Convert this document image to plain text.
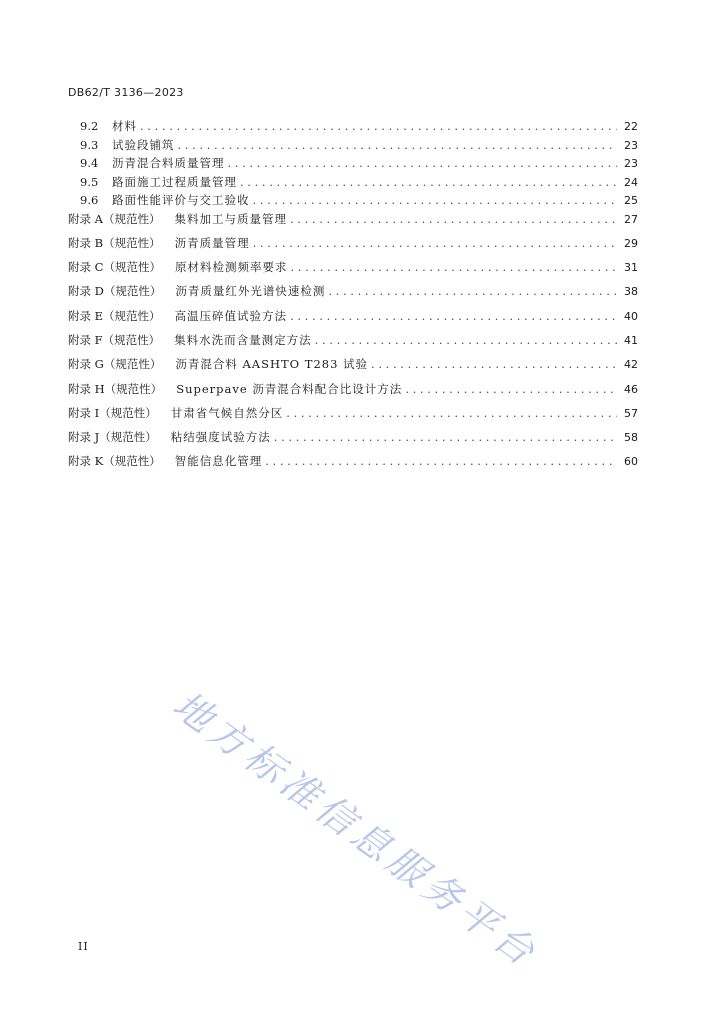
DB62/T 3136—2023
9.2	材料 . . .	22
9.3	试验段铺筑 . . .	23
9.4	沥青混合料质量管理 . . .	23
9.5	路面施工过程质量管理 . . .	24
9.6	路面性能评价与交工验收 . . .	25
附录 A（规范性） 集料加工与质量管理 . . .	27
附录 B（规范性） 沥青质量管理 . . .	29
附录 C（规范性） 原材料检测频率要求 . . .	31
附录 D（规范性） 沥青质量红外光谱快速检测 . . .	38
附录 E（规范性） 高温压碎值试验方法 . . .	40
附录 F（规范性） 集料水洗而含量测定方法 . . .	41
附录 G（规范性） 沥青混合料 AASHTO T283 试验 . . .	42
附录 H（规范性） Superpave 沥青混合料配合比设计方法 . . .	46
附录 I（规范性） 甘肃省气候自然分区 . . .	57
附录 J（规范性） 粘结强度试验方法 . . .	58
附录 K（规范性） 智能信息化管理 . . .	60
地方标准信息服务平台
II
